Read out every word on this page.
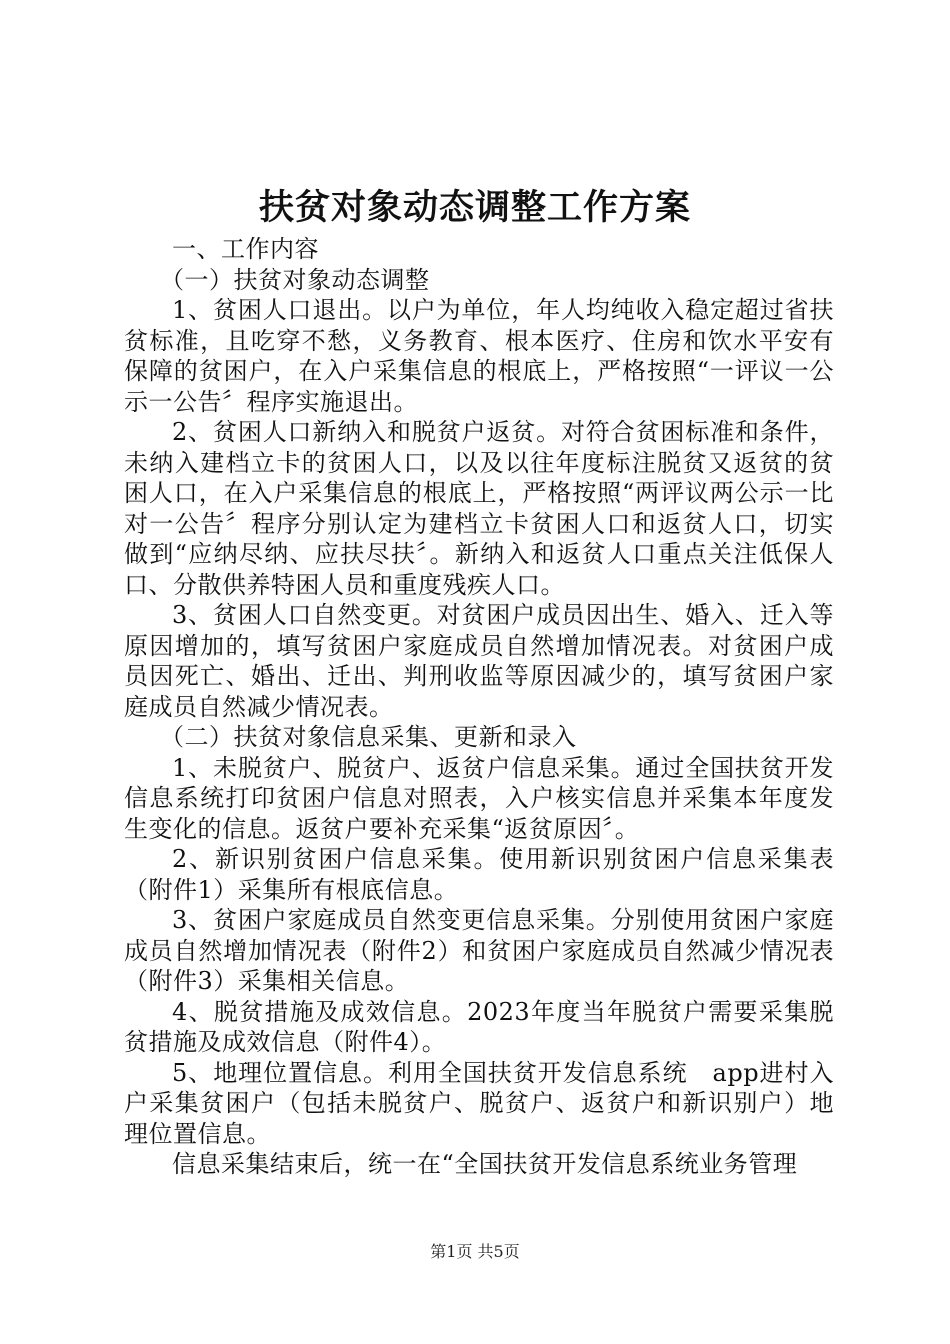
扶贫对象动态调整工作方案

一、工作内容

（一）扶贫对象动态调整

1、贫困人口退出。以户为单位，年人均纯收入稳定超过省扶贫标准，且吃穿不愁，义务教育、根本医疗、住房和饮水平安有保障的贫困户，在入户采集信息的根底上，严格按照“一评议一公示一公告〞程序实施退出。

2、贫困人口新纳入和脱贫户返贫。对符合贫困标准和条件，未纳入建档立卡的贫困人口，以及以往年度标注脱贫又返贫的贫困人口，在入户采集信息的根底上，严格按照“两评议两公示一比对一公告〞程序分别认定为建档立卡贫困人口和返贫人口，切实做到“应纳尽纳、应扶尽扶〞。新纳入和返贫人口重点关注低保人口、分散供养特困人员和重度残疾人口。

3、贫困人口自然变更。对贫困户成员因出生、婚入、迁入等原因增加的，填写贫困户家庭成员自然增加情况表。对贫困户成员因死亡、婚出、迁出、判刑收监等原因减少的，填写贫困户家庭成员自然减少情况表。

（二）扶贫对象信息采集、更新和录入

1、未脱贫户、脱贫户、返贫户信息采集。通过全国扶贫开发信息系统打印贫困户信息对照表，入户核实信息并采集本年度发生变化的信息。返贫户要补充采集“返贫原因〞。

2、新识别贫困户信息采集。使用新识别贫困户信息采集表（附件1）采集所有根底信息。

3、贫困户家庭成员自然变更信息采集。分别使用贫困户家庭成员自然增加情况表（附件2）和贫困户家庭成员自然减少情况表（附件3）采集相关信息。

4、脱贫措施及成效信息。2023年度当年脱贫户需要采集脱贫措施及成效信息（附件4）。

5、地理位置信息。利用全国扶贫开发信息系统　app进村入户采集贫困户（包括未脱贫户、脱贫户、返贫户和新识别户）地理位置信息。

信息采集结束后，统一在“全国扶贫开发信息系统业务管理

第1页 共5页
